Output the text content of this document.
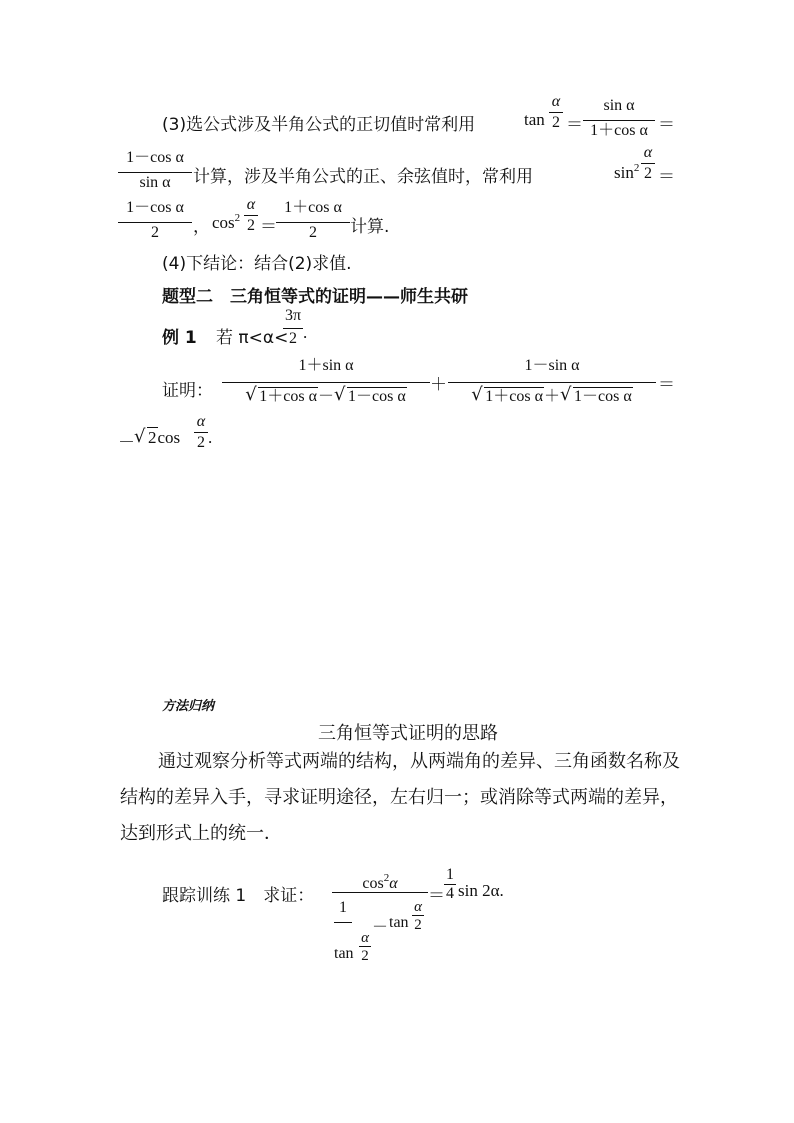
(3)选公式涉及半角公式的正切值时常利用	tan
α
2 ＝
sin α
1＋cos α ＝
1－cos α
sin α	计算，涉及半角公式的正、余弦值时，常利用	$\sin^2$
α
2 ＝
1－cos α
2	， $\cos^2$
α
2 ＝
1＋cos α
2	计算.
(4)下结论：结合(2)求值.
题型二　三角恒等式的证明——师生共研
例 1 若 π<α<
3π
2 .
证明：
1＋sin α
√ 1＋cos α－ √ 1－cos α
＋
1－sin α
√ 1＋cos α＋ √ 1－cos α
＝
－ √ 2cos
α
2 .
方法归纳
三角恒等式证明的思路
通过观察分析等式两端的结构，从两端角的差异、三角函数名称及结构的差异入手，寻求证明途径，左右归一；或消除等式两端的差异，达到形式上的统一．
跟踪训练 1　求证：
$\cos^2\alpha$
1
tan
α
2
－ tan
α
2
＝
1
4 sin 2α.
